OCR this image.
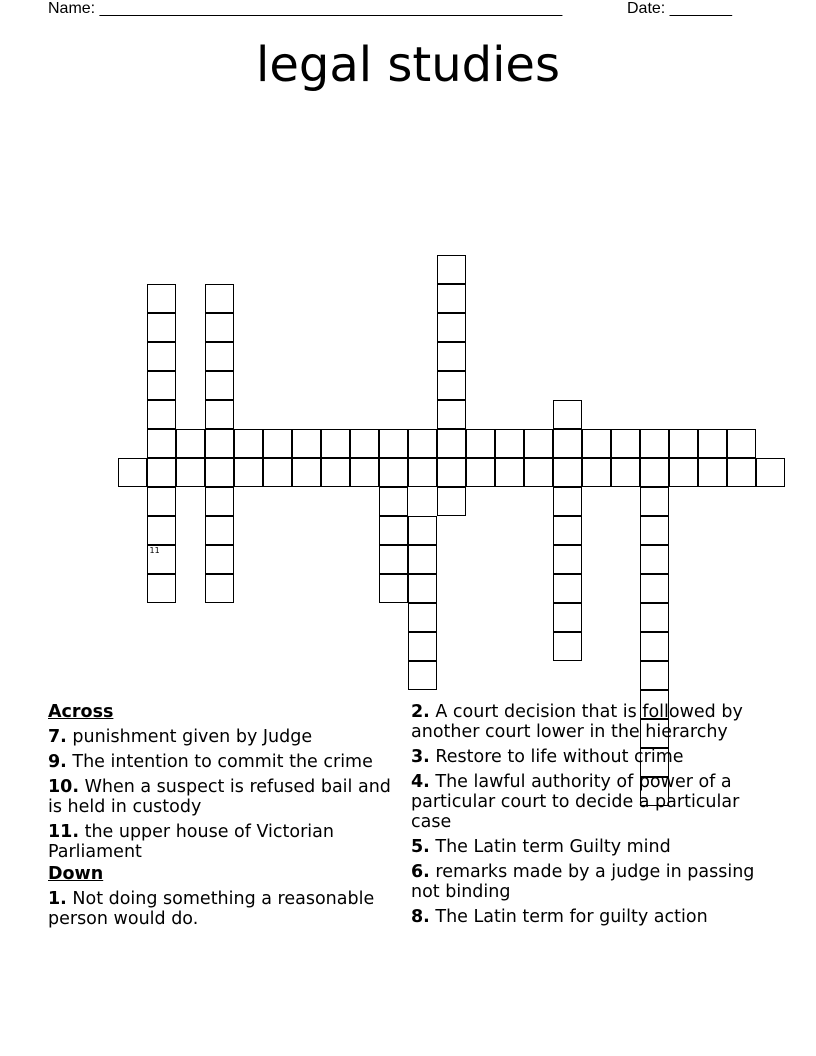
Name: ____________________________________________________	Date: _______
legal studies
11
Across
7. punishment given by Judge
9. The intention to commit the crime
10. When a suspect is refused bail and is held in custody
11. the upper house of Victorian Parliament
Down
1. Not doing something a reasonable person would do.
2. A court decision that is followed by another court lower in the hierarchy
3. Restore to life without crime
4. The lawful authority of power of a particular court to decide a particular case
5. The Latin term Guilty mind
6. remarks made by a judge in passing not binding
8. The Latin term for guilty action
